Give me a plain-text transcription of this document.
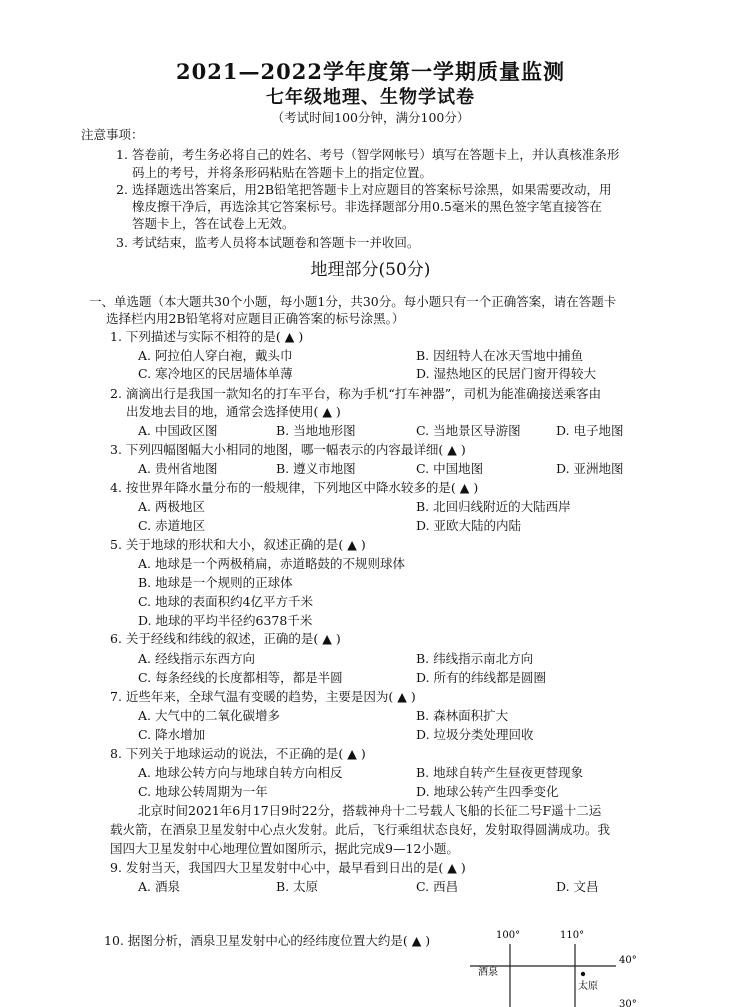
2021—2022学年度第一学期质量监测
七年级地理、生物学试卷
（考试时间100分钟，满分100分）
注意事项：
1. 答卷前，考生务必将自己的姓名、考号（智学网帐号）填写在答题卡上，并认真核准条形
码上的考号，并将条形码粘贴在答题卡上的指定位置。
2. 选择题选出答案后，用2B铅笔把答题卡上对应题目的答案标号涂黑，如果需要改动，用
橡皮擦干净后，再选涂其它答案标号。非选择题部分用0.5毫米的黑色签字笔直接答在
答题卡上，答在试卷上无效。
3. 考试结束，监考人员将本试题卷和答题卡一并收回。
地理部分(50分)
一、单选题（本大题共30个小题，每小题1分，共30分。每小题只有一个正确答案，请在答题卡
选择栏内用2B铅笔将对应题目正确答案的标号涂黑。）
1. 下列描述与实际不相符的是( ▲ )
A. 阿拉伯人穿白袍，戴头巾	B. 因纽特人在冰天雪地中捕鱼
C. 寒冷地区的民居墙体单薄	D. 湿热地区的民居门窗开得较大
2. 滴滴出行是我国一款知名的打车平台，称为手机“打车神器”，司机为能准确接送乘客由
出发地去目的地，通常会选择使用( ▲ )
A. 中国政区图	B. 当地地形图	C. 当地景区导游图	D. 电子地图
3. 下列四幅图幅大小相同的地图，哪一幅表示的内容最详细( ▲ )
A. 贵州省地图	B. 遵义市地图	C. 中国地图	D. 亚洲地图
4. 按世界年降水量分布的一般规律，下列地区中降水较多的是( ▲ )
A. 两极地区	B. 北回归线附近的大陆西岸
C. 赤道地区	D. 亚欧大陆的内陆
5. 关于地球的形状和大小，叙述正确的是( ▲ )
A. 地球是一个两极稍扁，赤道略鼓的不规则球体
B. 地球是一个规则的正球体
C. 地球的表面积约4亿平方千米
D. 地球的平均半径约6378千米
6. 关于经线和纬线的叙述，正确的是( ▲ )
A. 经线指示东西方向	B. 纬线指示南北方向
C. 每条经线的长度都相等，都是半圆	D. 所有的纬线都是圆圈
7. 近些年来，全球气温有变暖的趋势，主要是因为( ▲ )
A. 大气中的二氧化碳增多	B. 森林面积扩大
C. 降水增加	D. 垃圾分类处理回收
8. 下列关于地球运动的说法，不正确的是( ▲ )
A. 地球公转方向与地球自转方向相反	B. 地球自转产生昼夜更替现象
C. 地球公转周期为一年	D. 地球公转产生四季变化
北京时间2021年6月17日9时22分，搭载神舟十二号载人飞船的长征二号F遥十二运
载火箭，在酒泉卫星发射中心点火发射。此后，飞行乘组状态良好，发射取得圆满成功。我
国四大卫星发射中心地理位置如图所示，据此完成9—12小题。
9. 发射当天，我国四大卫星发射中心中，最早看到日出的是( ▲ )
A. 酒泉	B. 太原	C. 西昌	D. 文昌
10. 据图分析，酒泉卫星发射中心的经纬度位置大约是( ▲ )	100°	110°
40°
30°
酒泉
太原
